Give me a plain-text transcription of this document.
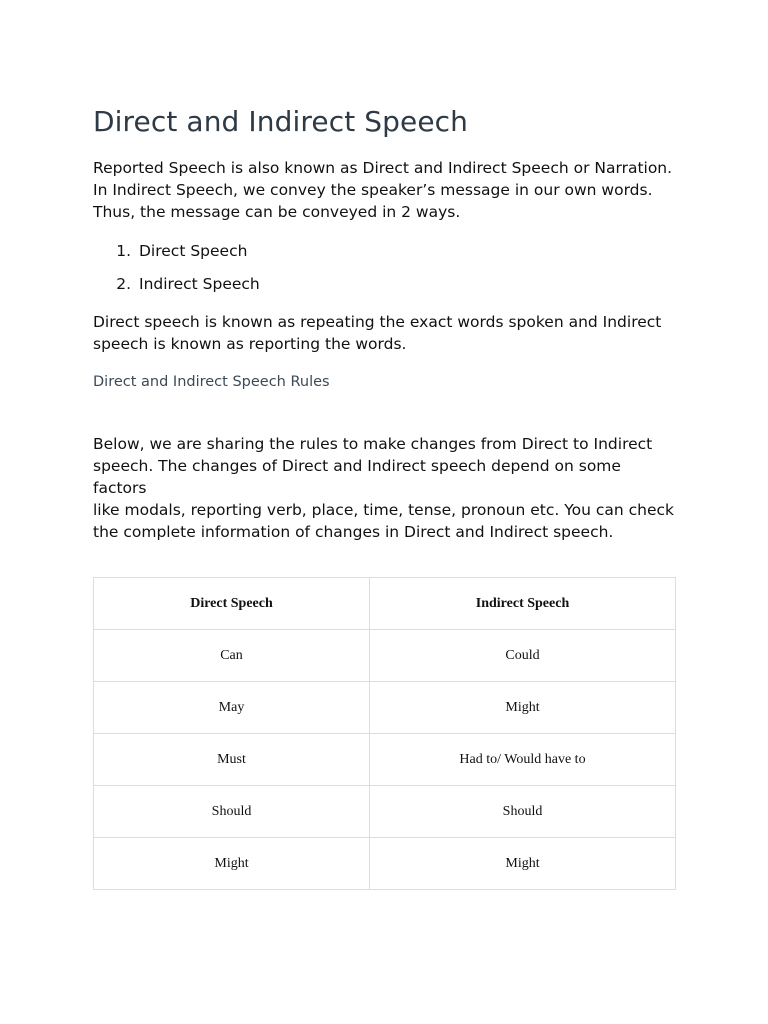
Direct and Indirect Speech

Reported Speech is also known as Direct and Indirect Speech or Narration.
In Indirect Speech, we convey the speaker’s message in our own words.
Thus, the message can be conveyed in 2 ways.

1. Direct Speech
2. Indirect Speech

Direct speech is known as repeating the exact words spoken and Indirect
speech is known as reporting the words.

Direct and Indirect Speech Rules

Below, we are sharing the rules to make changes from Direct to Indirect
speech. The changes of Direct and Indirect speech depend on some factors
like modals, reporting verb, place, time, tense, pronoun etc. You can check
the complete information of changes in Direct and Indirect speech.

Direct Speech	Indirect Speech
Can	Could
May	Might
Must	Had to/ Would have to
Should	Should
Might	Might
